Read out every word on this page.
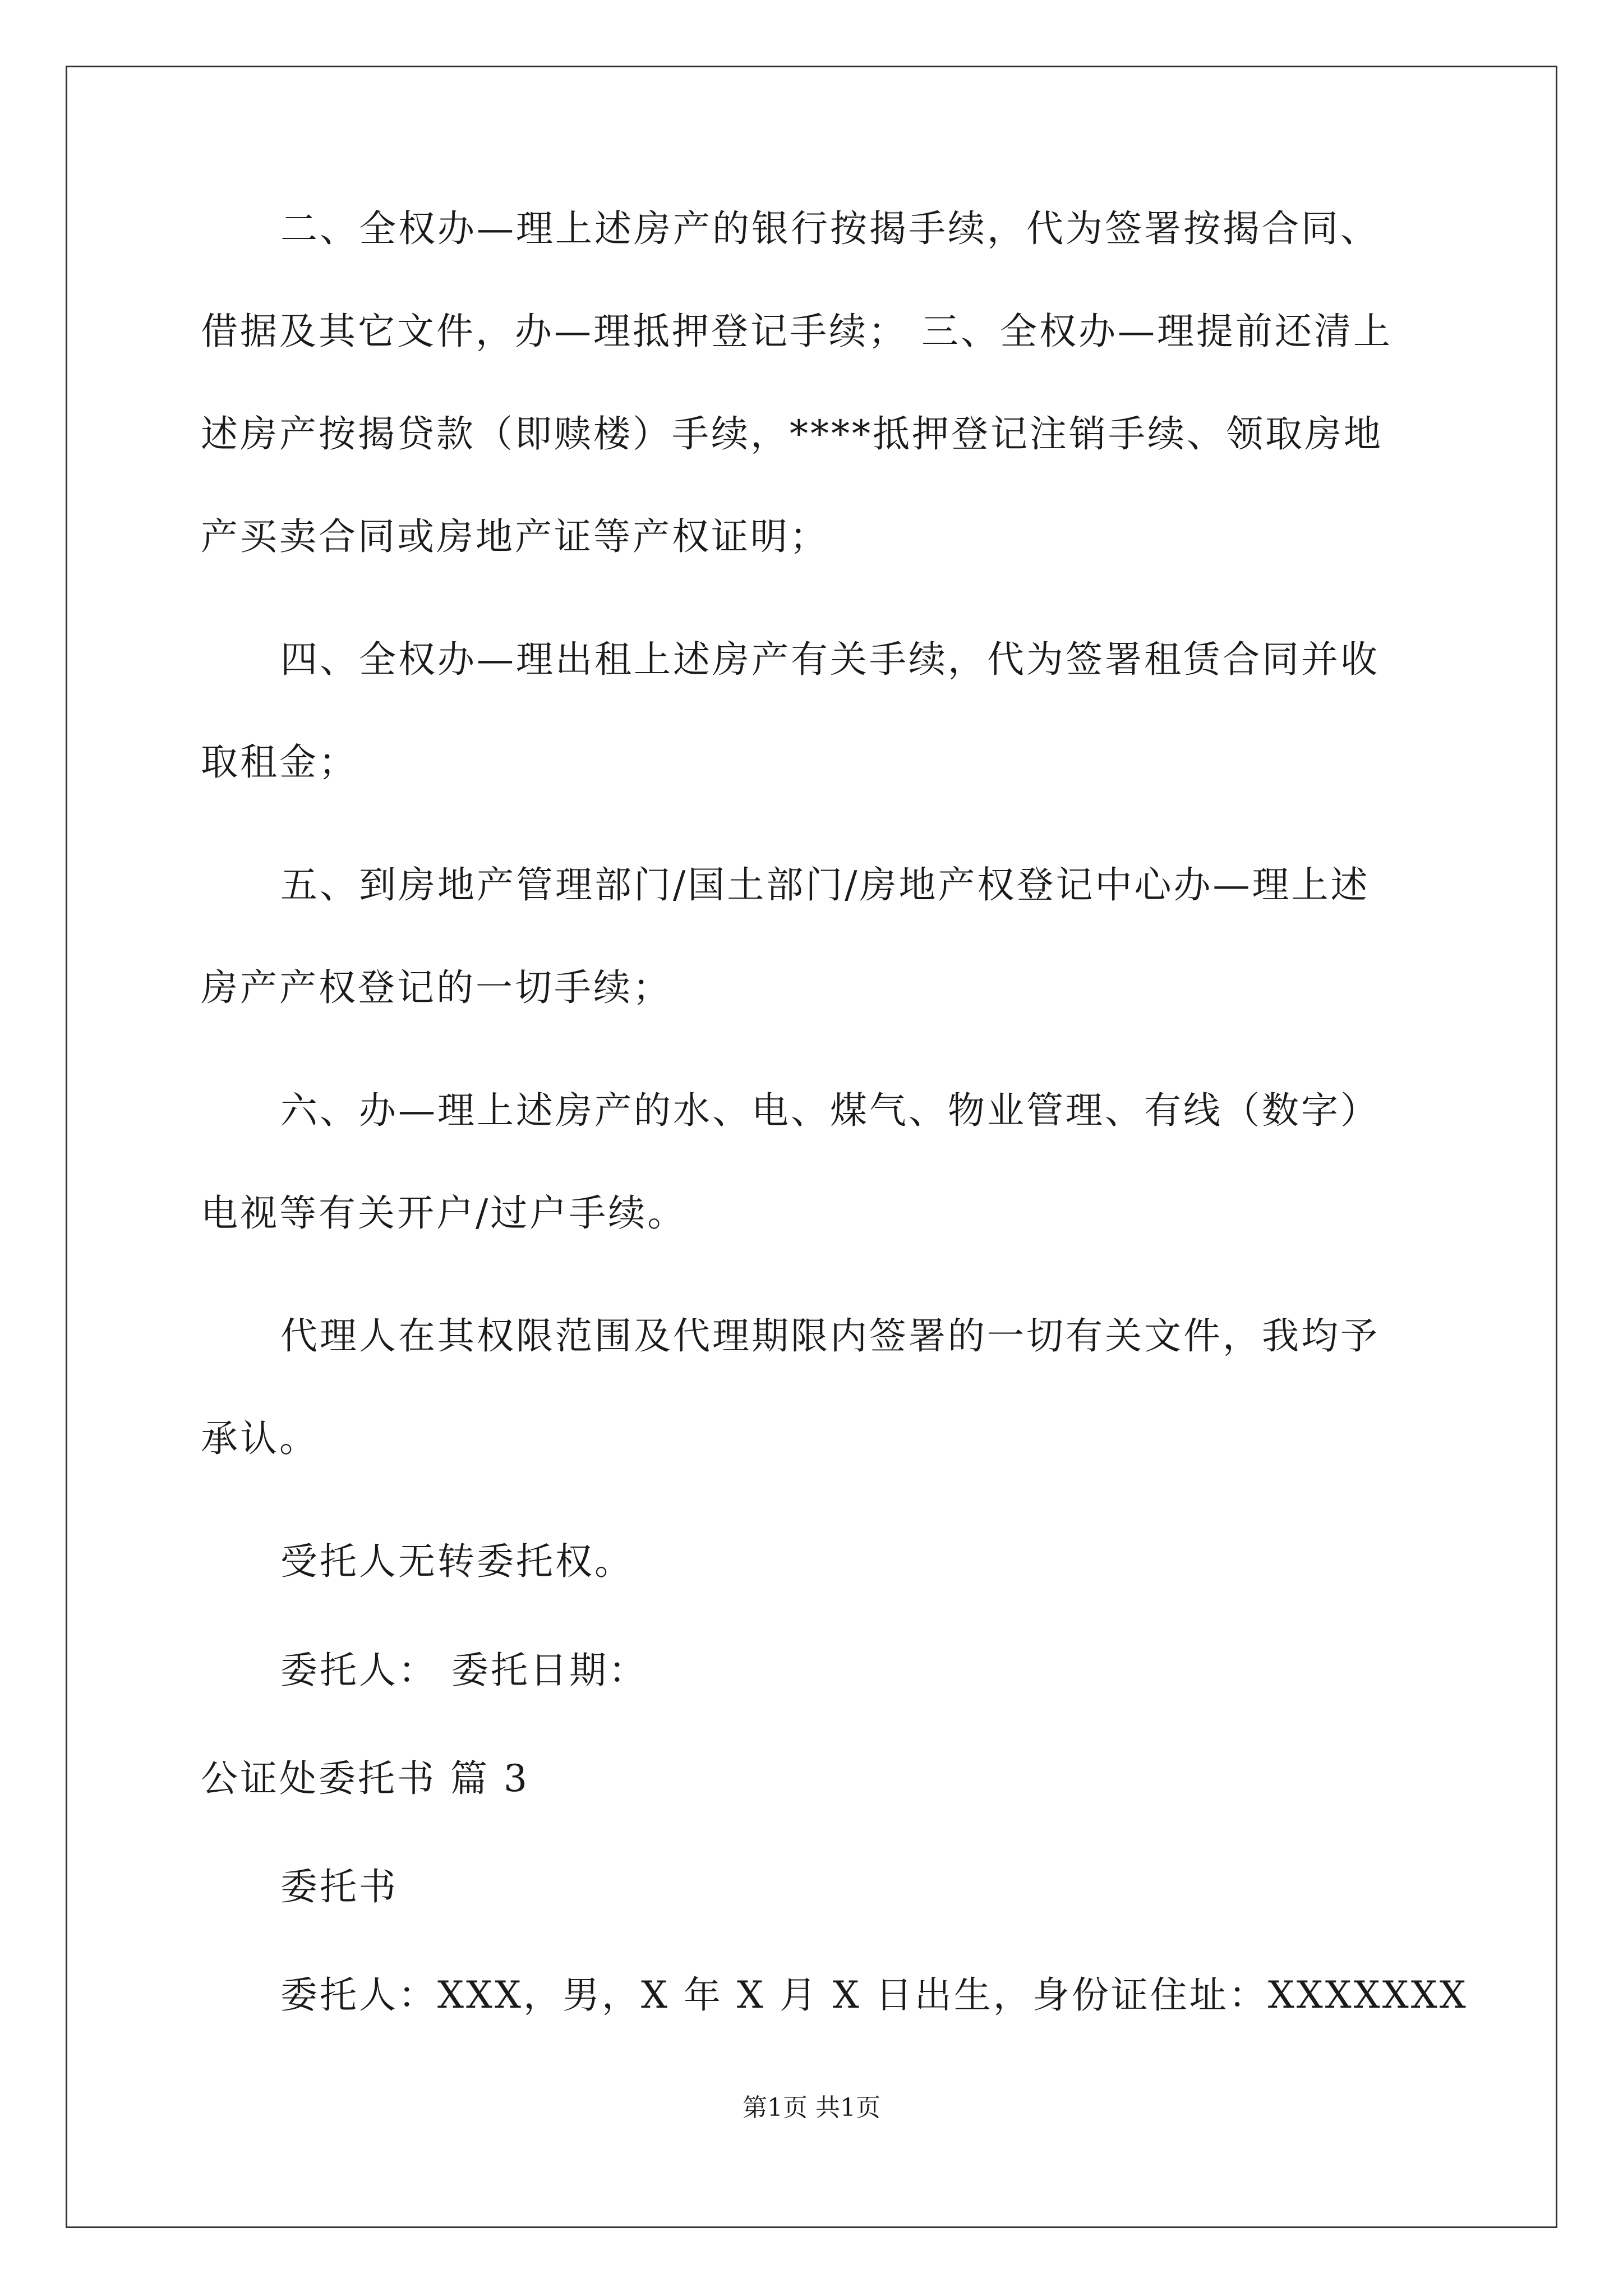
二、全权办—理上述房产的银行按揭手续，代为签署按揭合同、
借据及其它文件，办—理抵押登记手续； 三、全权办—理提前还清上
述房产按揭贷款（即赎楼）手续，****抵押登记注销手续、领取房地
产买卖合同或房地产证等产权证明；
四、全权办—理出租上述房产有关手续，代为签署租赁合同并收
取租金；
五、到房地产管理部门/国土部门/房地产权登记中心办—理上述
房产产权登记的一切手续；
六、办—理上述房产的水、电、煤气、物业管理、有线（数字）
电视等有关开户/过户手续。
代理人在其权限范围及代理期限内签署的一切有关文件，我均予
承认。
受托人无转委托权。
委托人： 委托日期：
公证处委托书 篇 3
委托书
委托人：XXX，男，X 年 X 月 X 日出生，身份证住址：XXXXXXX
第1页 共1页
